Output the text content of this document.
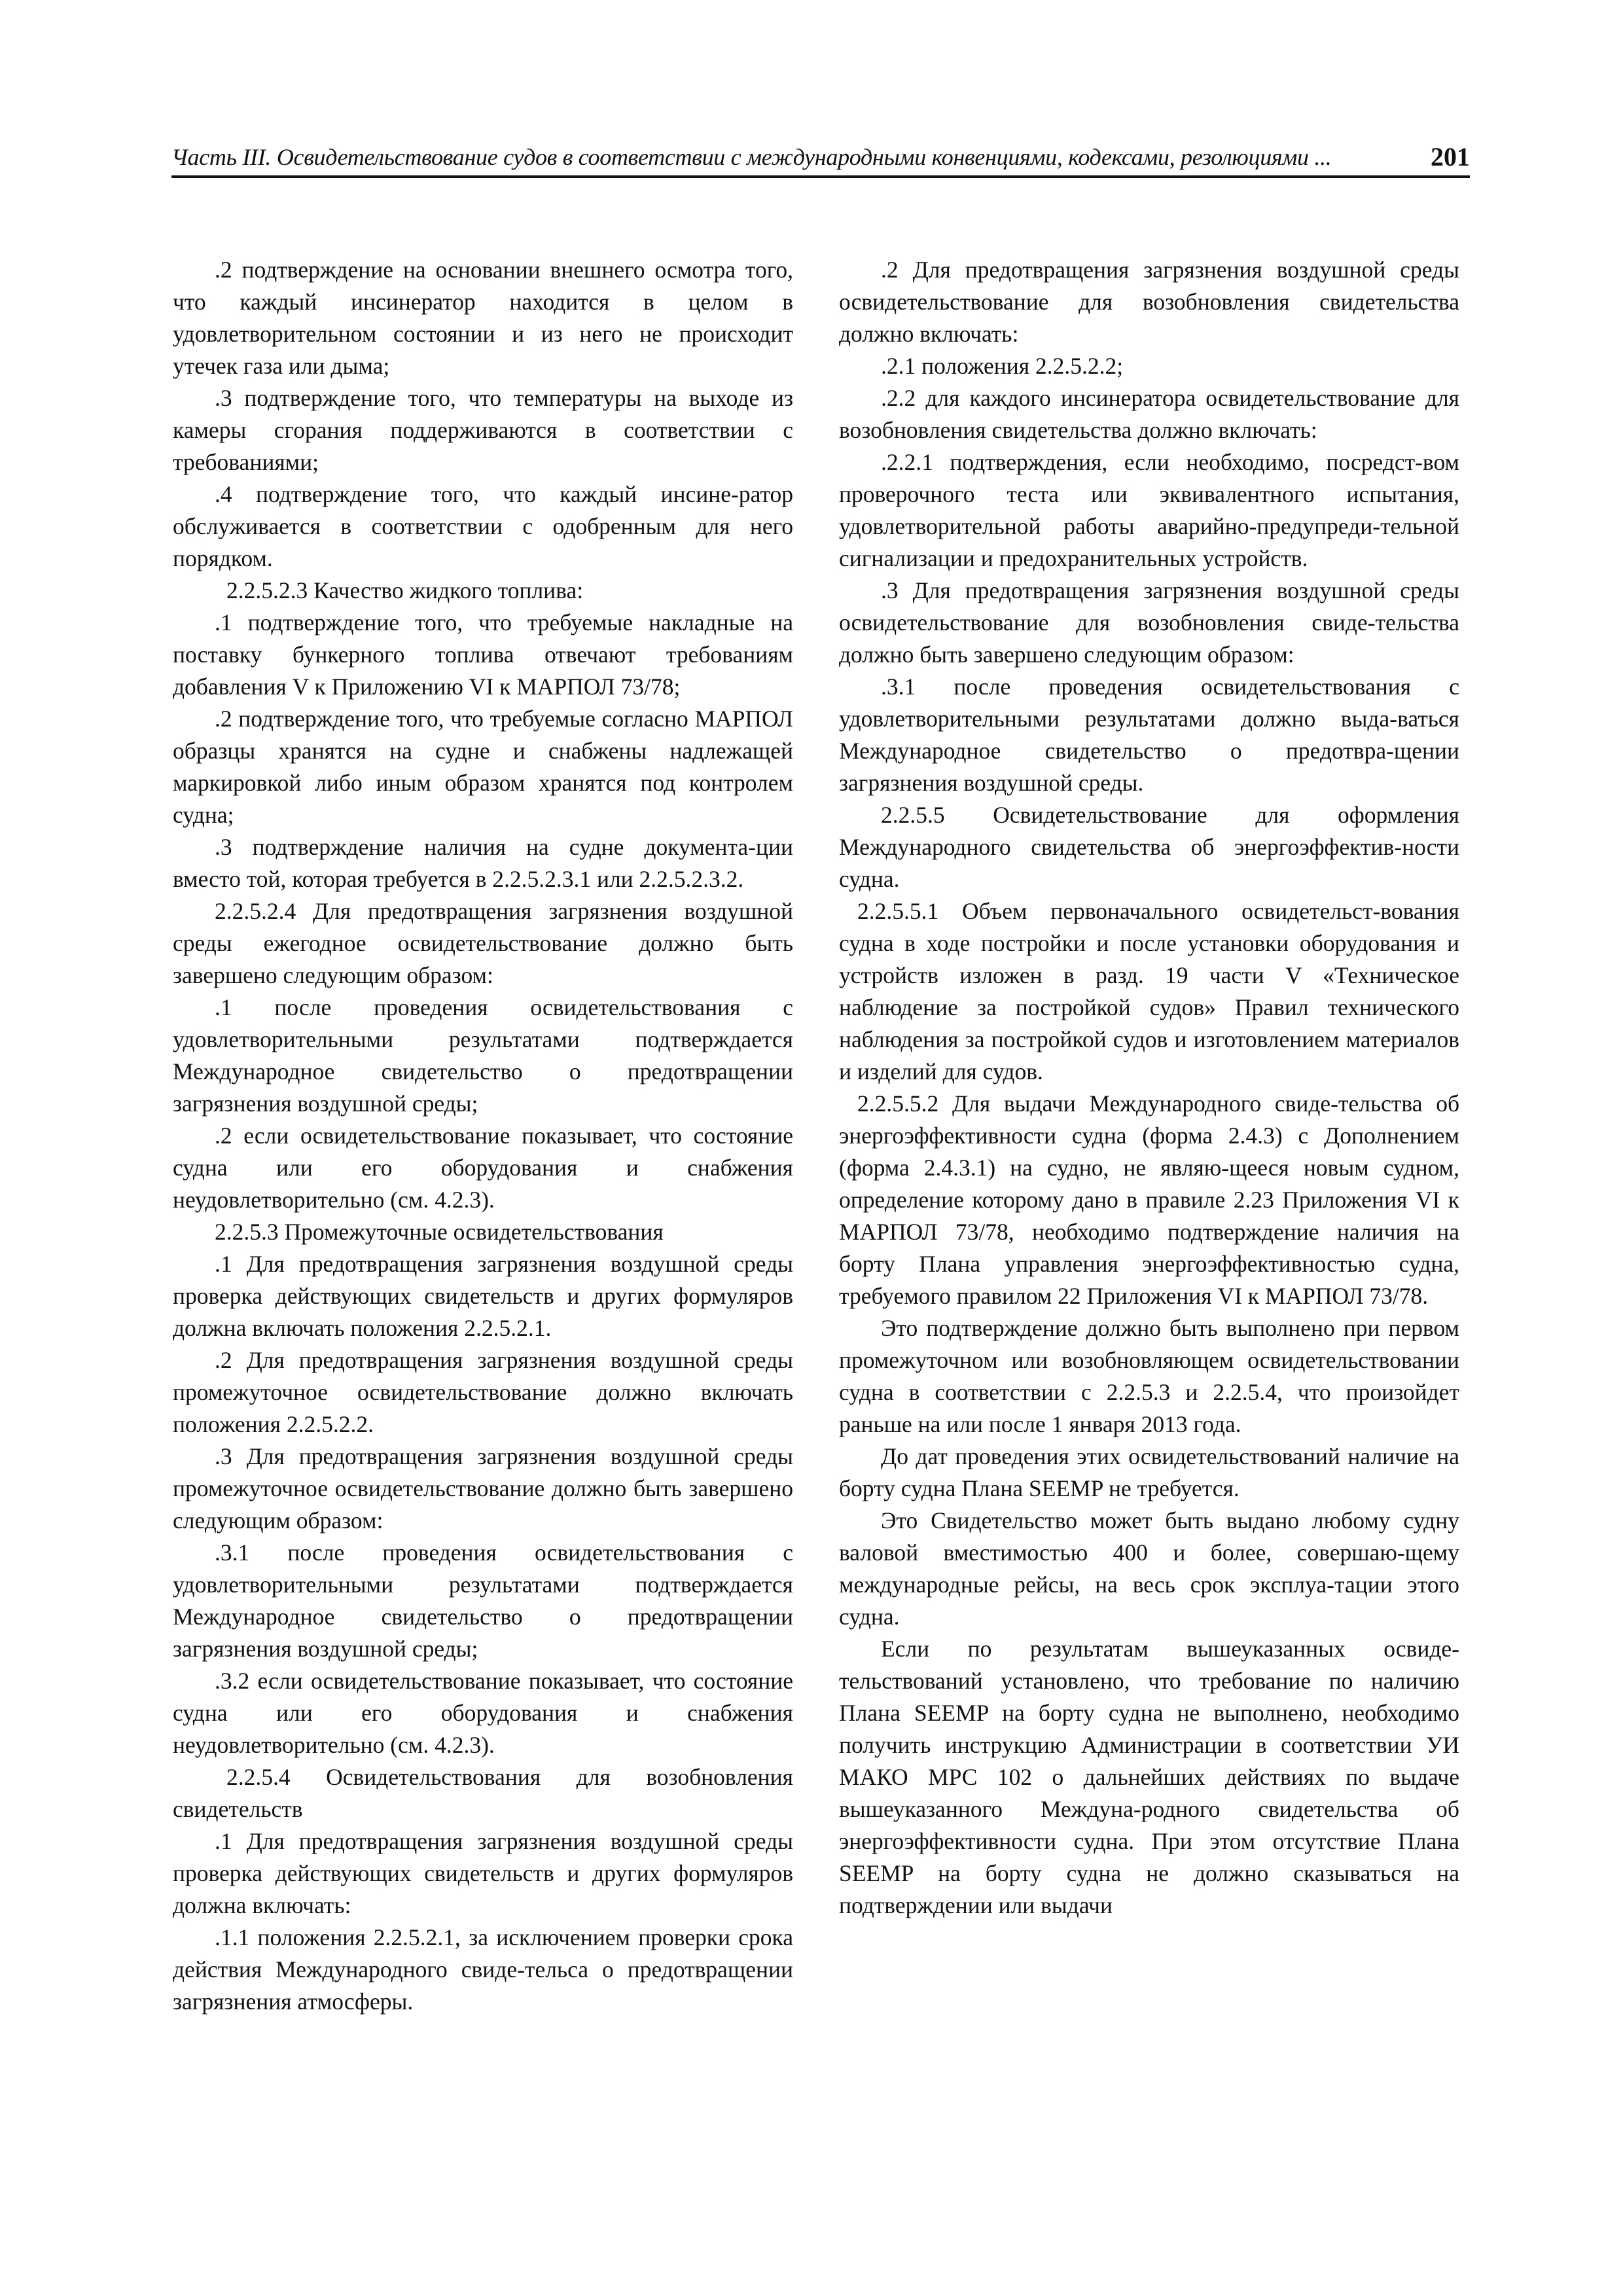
Часть III. Освидетельствование судов в соответствии с международными конвенциями, кодексами, резолюциями ...	201

.2 подтверждение на основании внешнего осмотра того, что каждый инсинератор находится в целом в удовлетворительном состоянии и из него не происходит утечек газа или дыма;

.3 подтверждение того, что температуры на выходе из камеры сгорания поддерживаются в соответствии с требованиями;

.4 подтверждение того, что каждый инсине-ратор обслуживается в соответствии с одобренным для него порядком.

2.2.5.2.3 Качество жидкого топлива:

.1 подтверждение того, что требуемые накладные на поставку бункерного топлива отвечают требованиям добавления V к Приложению VI к МАРПОЛ 73/78;

.2 подтверждение того, что требуемые согласно МАРПОЛ образцы хранятся на судне и снабжены надлежащей маркировкой либо иным образом хранятся под контролем судна;

.3 подтверждение наличия на судне документа-ции вместо той, которая требуется в 2.2.5.2.3.1 или 2.2.5.2.3.2.

2.2.5.2.4 Для предотвращения загрязнения воздушной среды ежегодное освидетельствование должно быть завершено следующим образом:

.1 после проведения освидетельствования с удовлетворительными результатами подтверждается Международное свидетельство о предотвращении загрязнения воздушной среды;

.2 если освидетельствование показывает, что состояние судна или его оборудования и снабжения неудовлетворительно (см. 4.2.3).

2.2.5.3 Промежуточные освидетельствования

.1 Для предотвращения загрязнения воздушной среды проверка действующих свидетельств и других формуляров должна включать положения 2.2.5.2.1.

.2 Для предотвращения загрязнения воздушной среды промежуточное освидетельствование должно включать положения 2.2.5.2.2.

.3 Для предотвращения загрязнения воздушной среды промежуточное освидетельствование должно быть завершено следующим образом:

.3.1 после проведения освидетельствования с удовлетворительными результатами подтверждается Международное свидетельство о предотвращении загрязнения воздушной среды;

.3.2 если освидетельствование показывает, что состояние судна или его оборудования и снабжения неудовлетворительно (см. 4.2.3).

2.2.5.4 Освидетельствования для возобновления свидетельств

.1 Для предотвращения загрязнения воздушной среды проверка действующих свидетельств и других формуляров должна включать:

.1.1 положения 2.2.5.2.1, за исключением проверки срока действия Международного свиде-тельса о предотвращении загрязнения атмосферы.

.2 Для предотвращения загрязнения воздушной среды освидетельствование для возобновления свидетельства должно включать:

.2.1 положения 2.2.5.2.2;

.2.2 для каждого инсинератора освидетельствование для возобновления свидетельства должно включать:

.2.2.1 подтверждения, если необходимо, посредст-вом проверочного теста или эквивалентного испытания, удовлетворительной работы аварийно-предупреди-тельной сигнализации и предохранительных устройств.

.3 Для предотвращения загрязнения воздушной среды освидетельствование для возобновления свиде-тельства должно быть завершено следующим образом:

.3.1 после проведения освидетельствования с удовлетворительными результатами должно выда-ваться Международное свидетельство о предотвра-щении загрязнения воздушной среды.

2.2.5.5 Освидетельствование для оформления Международного свидетельства об энергоэффектив-ности судна.

2.2.5.5.1 Объем первоначального освидетельст-вования судна в ходе постройки и после установки оборудования и устройств изложен в разд. 19 части V «Техническое наблюдение за постройкой судов» Правил технического наблюдения за постройкой судов и изготовлением материалов и изделий для судов.

2.2.5.5.2 Для выдачи Международного свиде-тельства об энергоэффективности судна (форма 2.4.3) с Дополнением (форма 2.4.3.1) на судно, не являю-щееся новым судном, определение которому дано в правиле 2.23 Приложения VI к МАРПОЛ 73/78, необходимо подтверждение наличия на борту Плана управления энергоэффективностью судна, требуемого правилом 22 Приложения VI к МАРПОЛ 73/78.

Это подтверждение должно быть выполнено при первом промежуточном или возобновляющем освидетельствовании судна в соответствии с 2.2.5.3 и 2.2.5.4, что произойдет раньше на или после 1 января 2013 года.

До дат проведения этих освидетельствований наличие на борту судна Плана SEEMP не требуется.

Это Свидетельство может быть выдано любому судну валовой вместимостью 400 и более, совершаю-щему международные рейсы, на весь срок эксплуа-тации этого судна.

Если по результатам вышеуказанных освиде-тельствований установлено, что требование по наличию Плана SEEMP на борту судна не выполнено, необходимо получить инструкцию Администрации в соответствии УИ МАКО МРС 102 о дальнейших действиях по выдаче вышеуказанного Междуна-родного свидетельства об энергоэффективности судна. При этом отсутствие Плана SEEMP на борту судна не должно сказываться на подтверждении или выдачи
